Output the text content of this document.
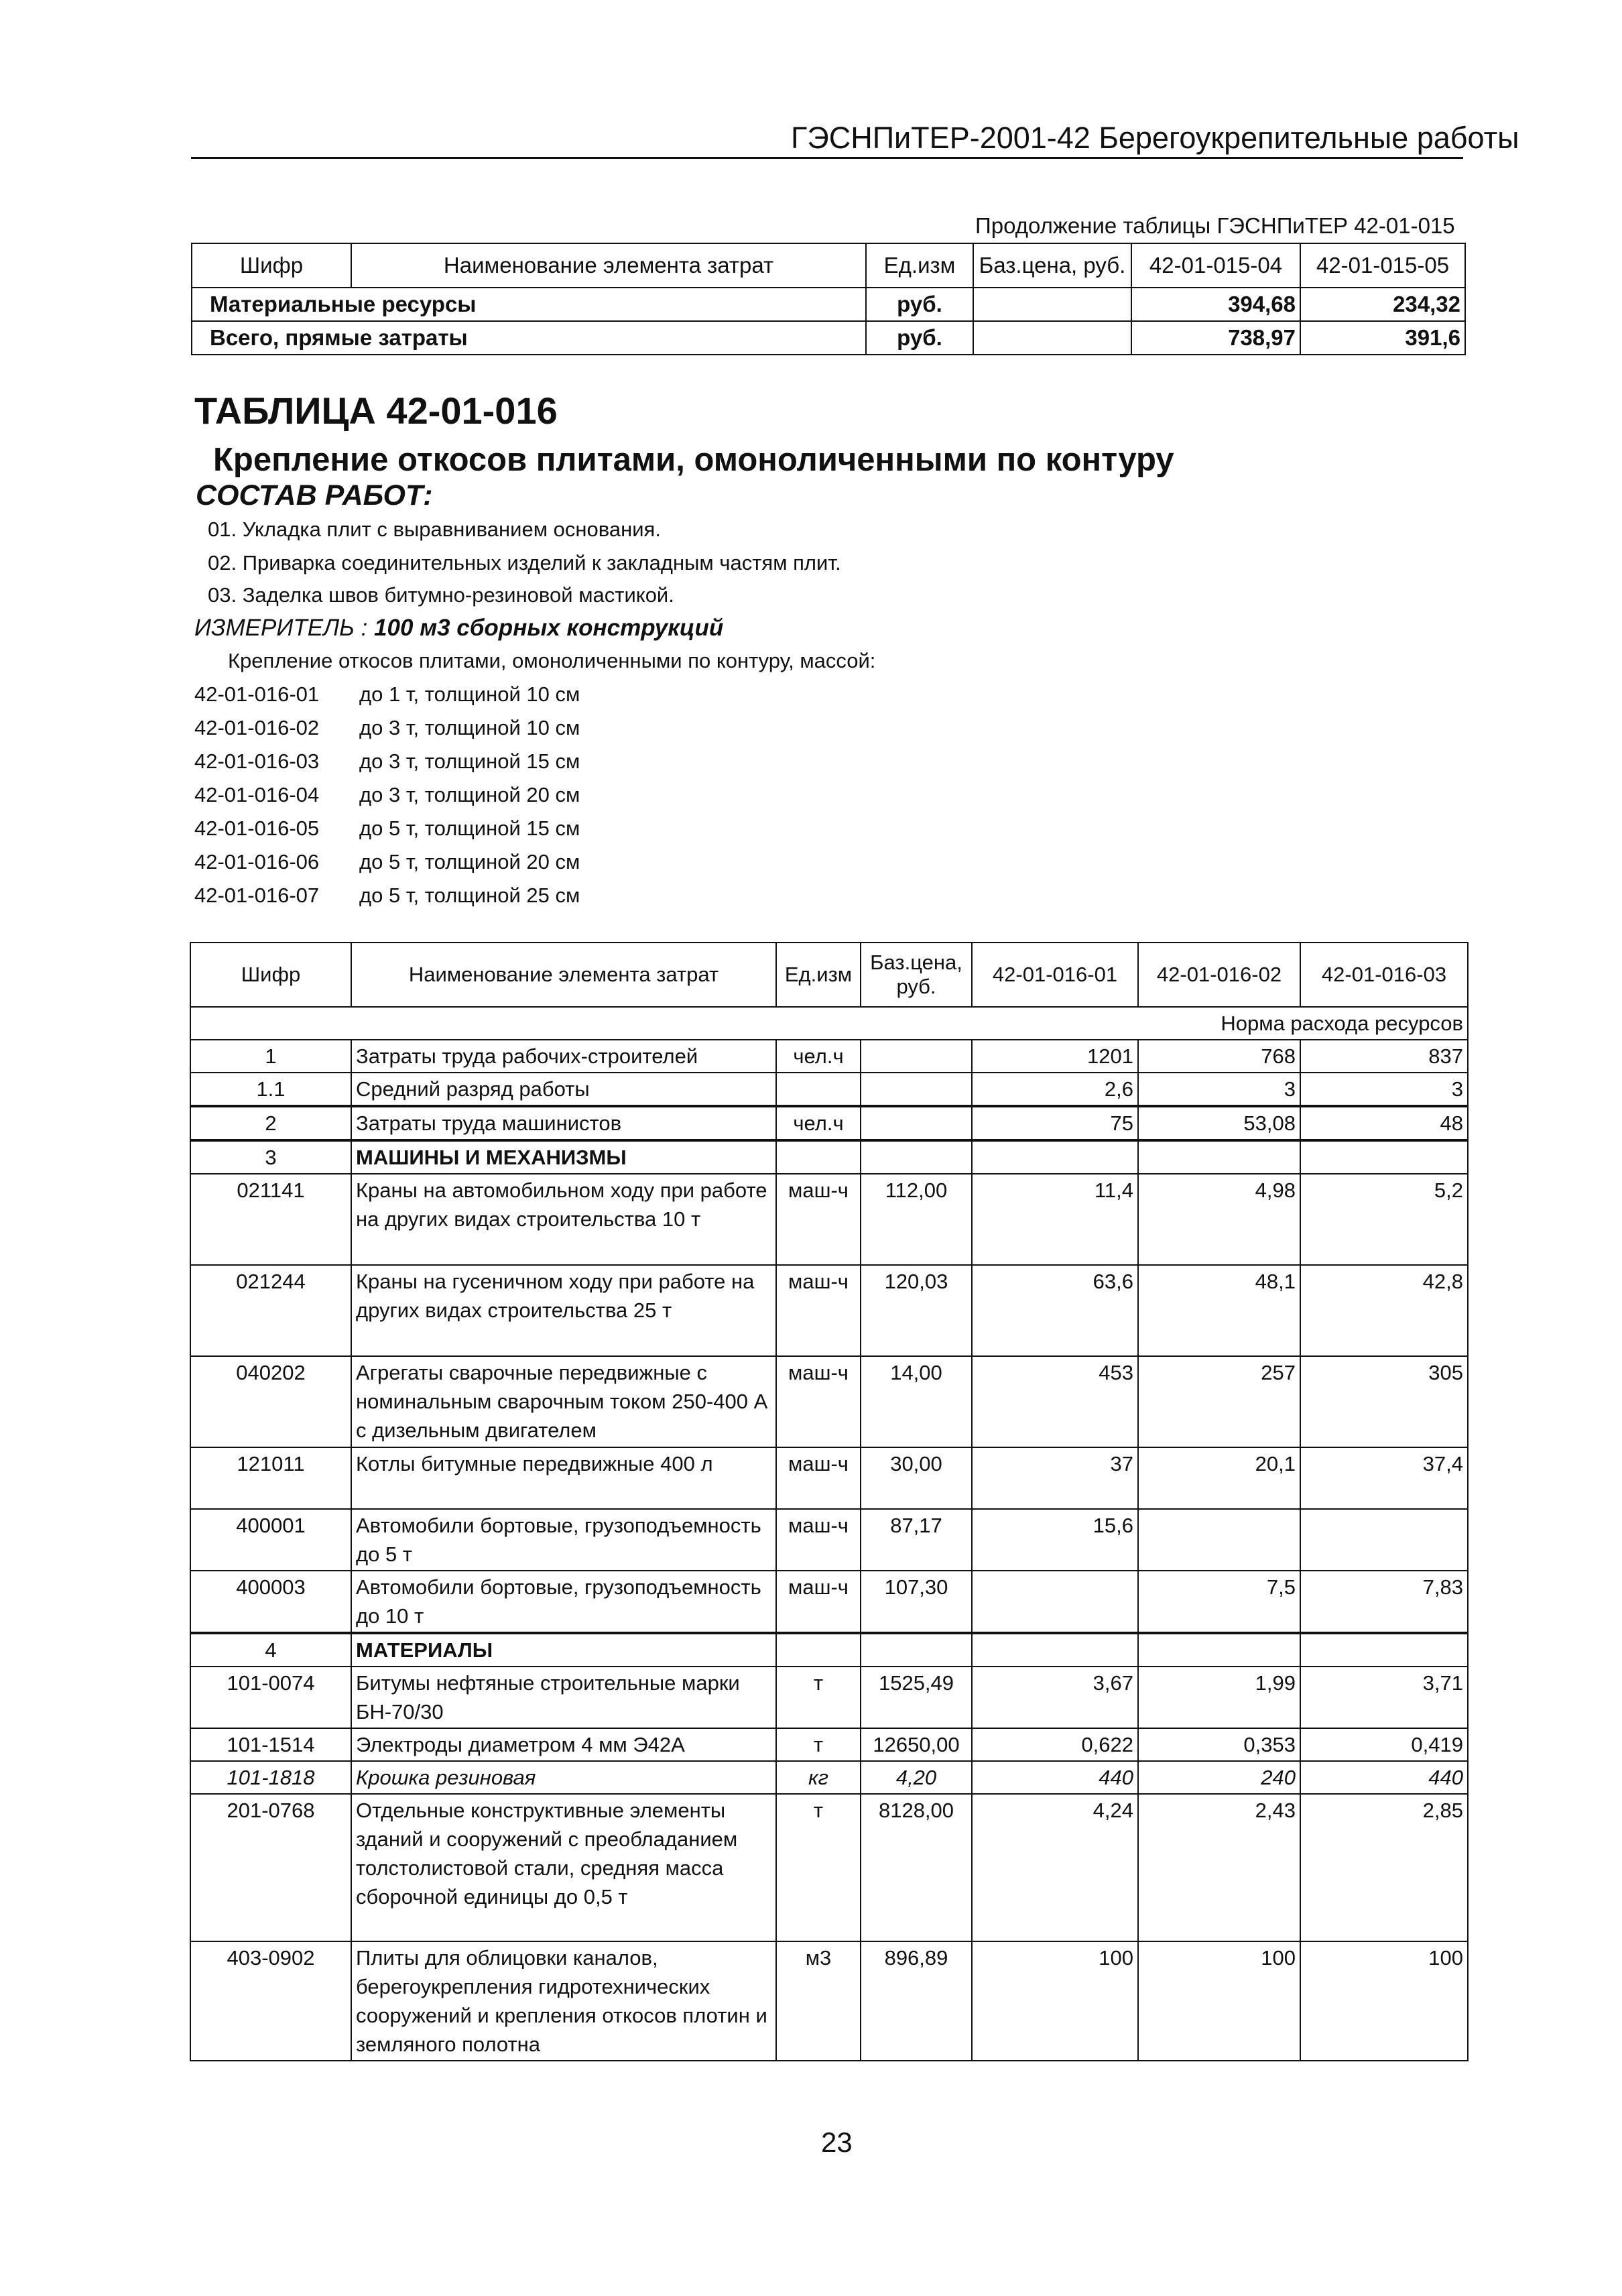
ГЭСНПиТЕР-2001-42 Берегоукрепительные работы
Продолжение таблицы ГЭСНПиТЕР 42-01-015
Шифр	Наименование элемента затрат	Ед.изм	Баз.цена, руб.	42-01-015-04	42-01-015-05
Материальные ресурсы		руб.		394,68	234,32
Всего, прямые затраты		руб.		738,97	391,6
ТАБЛИЦА 42-01-016
Крепление откосов плитами, омоноличенными по контуру
СОСТАВ РАБОТ:
01. Укладка плит с выравниванием основания.
02. Приварка соединительных изделий к закладным частям плит.
03. Заделка швов битумно-резиновой мастикой.
ИЗМЕРИТЕЛЬ : 100 м3 сборных конструкций
Крепление откосов плитами, омоноличенными по контуру, массой:
42-01-016-01 до 1 т, толщиной 10 см
42-01-016-02 до 3 т, толщиной 10 см
42-01-016-03 до 3 т, толщиной 15 см
42-01-016-04 до 3 т, толщиной 20 см
42-01-016-05 до 5 т, толщиной 15 см
42-01-016-06 до 5 т, толщиной 20 см
42-01-016-07 до 5 т, толщиной 25 см
Шифр	Наименование элемента затрат	Ед.изм	Баз.цена, руб.	42-01-016-01	42-01-016-02	42-01-016-03
Норма расхода ресурсов						
1	Затраты труда рабочих-строителей	чел.ч		1201	768	837
1.1	Средний разряд работы			2,6	3	3
2	Затраты труда машинистов	чел.ч		75	53,08	48
3	МАШИНЫ И МЕХАНИЗМЫ					
021141	Краны на автомобильном ходу при работе на других видах строительства 10 т	маш-ч	112,00	11,4	4,98	5,2
021244	Краны на гусеничном ходу при работе на других видах строительства 25 т	маш-ч	120,03	63,6	48,1	42,8
040202	Агрегаты сварочные передвижные с номинальным сварочным током 250-400 А с дизельным двигателем	маш-ч	14,00	453	257	305
121011	Котлы битумные передвижные 400 л	маш-ч	30,00	37	20,1	37,4
400001	Автомобили бортовые, грузоподъемность до 5 т	маш-ч	87,17	15,6		
400003	Автомобили бортовые, грузоподъемность до 10 т	маш-ч	107,30		7,5	7,83
4	МАТЕРИАЛЫ					
101-0074	Битумы нефтяные строительные марки БН-70/30	т	1525,49	3,67	1,99	3,71
101-1514	Электроды диаметром 4 мм Э42А	т	12650,00	0,622	0,353	0,419
101-1818	Крошка резиновая	кг	4,20	440	240	440
201-0768	Отдельные конструктивные элементы зданий и сооружений с преобладанием толстолистовой стали, средняя масса сборочной единицы до 0,5 т	т	8128,00	4,24	2,43	2,85
403-0902	Плиты для облицовки каналов, берегоукрепления гидротехнических сооружений и крепления откосов плотин и земляного полотна	м3	896,89	100	100	100
23
